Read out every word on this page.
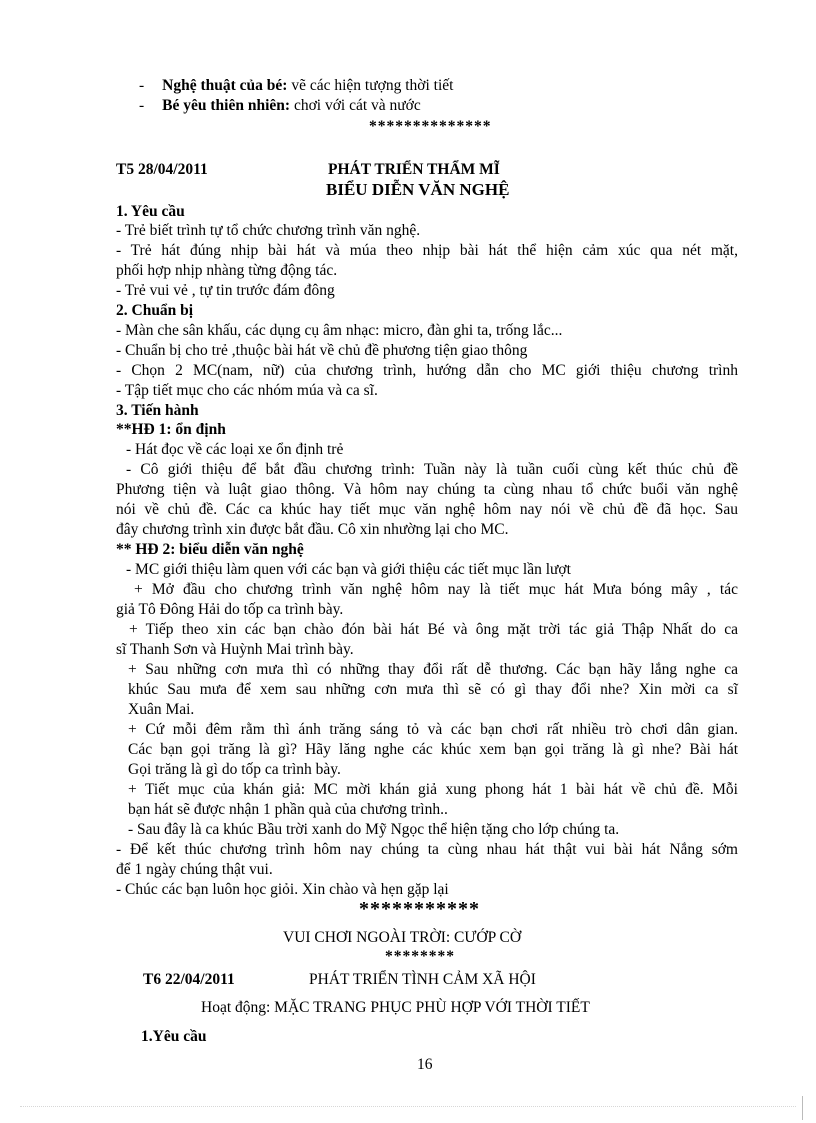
- Nghệ thuật của bé: vẽ các hiện tượng thời tiết
- Bé yêu thiên nhiên: chơi với cát và nước
**************
T5 28/04/2011	PHÁT TRIỂN THẨM MĨ
BIỂU DIỄN VĂN NGHỆ
1. Yêu cầu
- Trẻ biết trình tự tổ chức chương trình văn nghệ.
- Trẻ hát đúng nhịp bài hát và múa theo nhịp bài hát thể hiện cảm xúc qua nét mặt,
phối hợp nhịp nhàng từng động tác.
- Trẻ vui vẻ , tự tin trước đám đông
2. Chuẩn bị
- Màn che sân khấu, các dụng cụ âm nhạc: micro, đàn ghi ta, trống lắc...
- Chuẩn bị cho trẻ ,thuộc bài hát về chủ đề phương tiện giao thông
- Chọn 2 MC(nam, nữ) của chương trình, hướng dẫn cho MC giới thiệu chương trình
- Tập tiết mục cho các nhóm múa và ca sĩ.
3. Tiến hành
**HĐ 1: ổn định
- Hát đọc về các loại xe ổn định trẻ
- Cô giới thiệu để bắt đầu chương trình: Tuần này là tuần cuối cùng kết thúc chủ đề
Phương tiện và luật giao thông. Và hôm nay chúng ta cùng nhau tổ chức buổi văn nghệ
nói về chủ đề. Các ca khúc hay tiết mục văn nghệ hôm nay nói về chủ đề đã học. Sau
đây chương trình xin được bắt đầu. Cô xin nhường lại cho MC.
** HĐ 2: biểu diễn văn nghệ
- MC giới thiệu làm quen với các bạn và giới thiệu các tiết mục lần lượt
+ Mở đầu cho chương trình văn nghệ hôm nay là tiết mục hát Mưa bóng mây , tác
giả Tô Đông Hải do tốp ca trình bày.
+ Tiếp theo xin các bạn chào đón bài hát Bé và ông mặt trời tác giả Thập Nhất do ca
sĩ Thanh Sơn và Huỳnh Mai trình bày.
+ Sau những cơn mưa thì có những thay đổi rất dễ thương. Các bạn hãy lắng nghe ca
khúc Sau mưa để xem sau những cơn mưa thì sẽ có gì thay đổi nhe? Xin mời ca sĩ
Xuân Mai.
+ Cứ mỗi đêm rằm thì ánh trăng sáng tỏ và các bạn chơi rất nhiều trò chơi dân gian.
Các bạn gọi trăng là gì? Hãy lăng nghe các khúc xem bạn gọi trăng là gì nhe? Bài hát
Gọi trăng là gì do tốp ca trình bày.
+ Tiết mục của khán giả: MC mời khán giả xung phong hát 1 bài hát về chủ đề. Mỗi
bạn hát sẽ được nhận 1 phần quà của chương trình..
- Sau đây là ca khúc Bầu trời xanh do Mỹ Ngọc thể hiện tặng cho lớp chúng ta.
- Để kết thúc chương trình hôm nay chúng ta cùng nhau hát thật vui bài hát Nắng sớm
để 1 ngày chúng thật vui.
- Chúc các bạn luôn học giỏi. Xin chào và hẹn gặp lại
***********
VUI CHƠI NGOÀI TRỜI: CƯỚP CỜ
********
T6 22/04/2011	PHÁT TRIỂN TÌNH CẢM XÃ HỘI
Hoạt động: MẶC TRANG PHỤC PHÙ HỢP VỚI THỜI TIẾT
1.Yêu cầu
16
